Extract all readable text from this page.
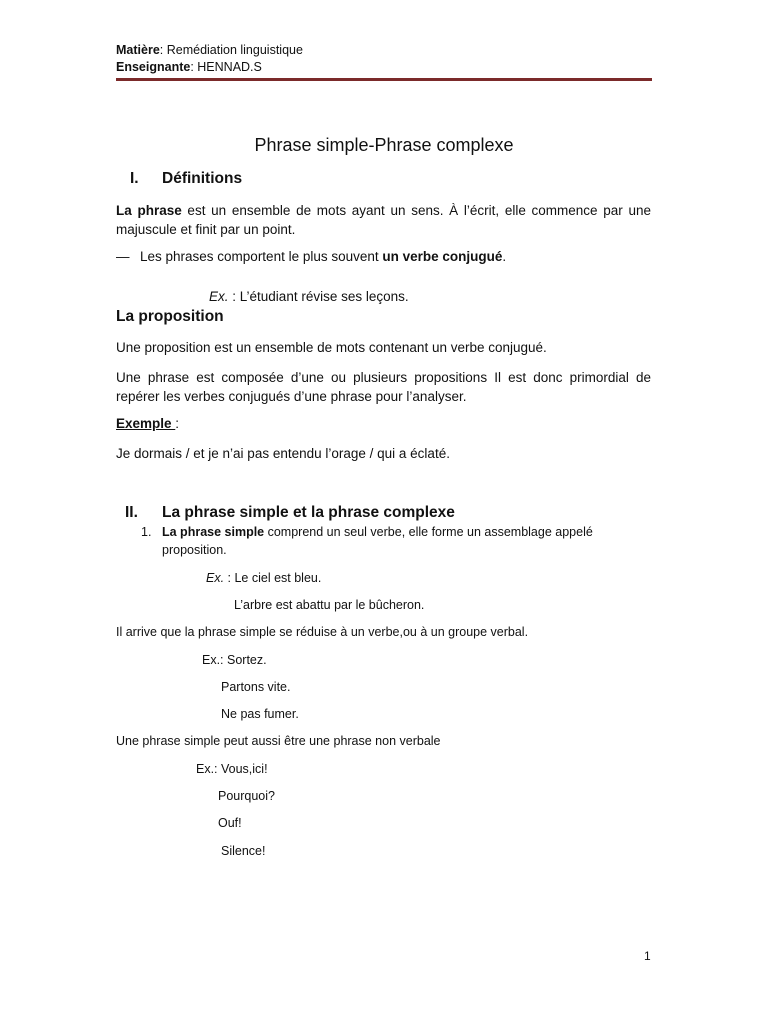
Matière: Remédiation linguistique
Enseignante: HENNAD.S
Phrase simple-Phrase complexe
I. Définitions
La phrase est un ensemble de mots ayant un sens. À l’écrit, elle commence par une majuscule et finit par un point.
— Les phrases comportent le plus souvent un verbe conjugué.
Ex. : L’étudiant révise ses leçons.
La proposition
Une proposition est un ensemble de mots contenant un verbe conjugué.
Une phrase est composée d’une ou plusieurs propositions Il est donc primordial de repérer les verbes conjugués d’une phrase pour l’analyser.
Exemple :
Je dormais / et je n’ai pas entendu l’orage / qui a éclaté.
II. La phrase simple et la phrase complexe
1. La phrase simple comprend un seul verbe, elle forme un assemblage appelé
proposition.
Ex. : Le ciel est bleu.
L’arbre est abattu par le bûcheron.
Il arrive que la phrase simple se réduise à un verbe,ou à un groupe verbal.
Ex.: Sortez.
Partons vite.
Ne pas fumer.
Une phrase simple peut aussi être une phrase non verbale
Ex.: Vous,ici!
Pourquoi?
Ouf!
Silence!
1
